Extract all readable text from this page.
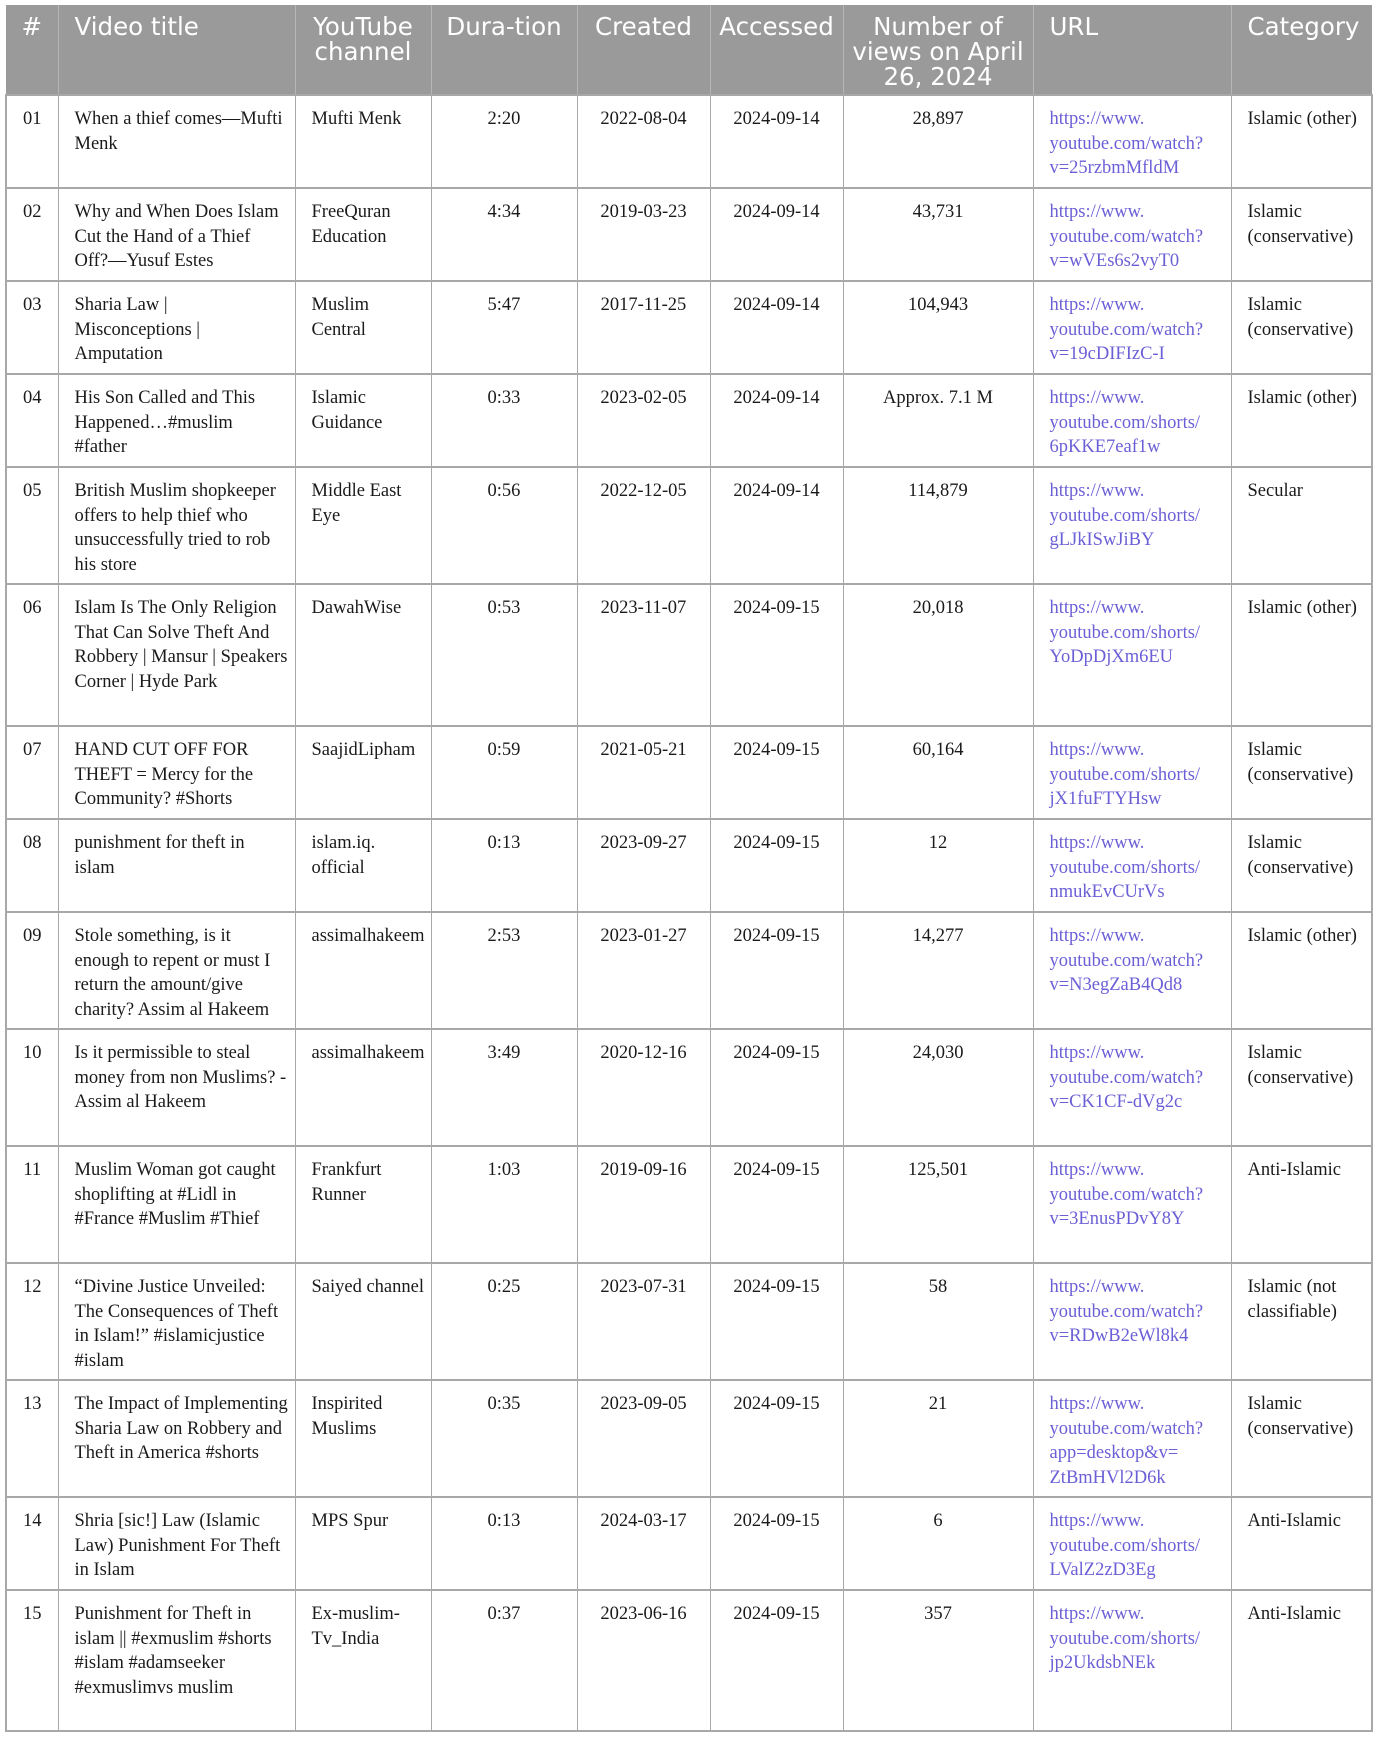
#	Video title	YouTube channel	Dura-tion	Created	Accessed	Number of views on April 26, 2024	URL	Category
01	When a thief comes—Mufti Menk	Mufti Menk	2:20	2022-08-04	2024-09-14	28,897	https://www.
youtube.com/watch?
v=25rzbmMfldM	Islamic (other)
02	Why and When Does Islam Cut the Hand of a Thief Off?—Yusuf Estes	FreeQuran Education	4:34	2019-03-23	2024-09-14	43,731	https://www.
youtube.com/watch?
v=wVEs6s2vyT0	Islamic (conservative)
03	Sharia Law | Misconceptions | Amputation	Muslim Central	5:47	2017-11-25	2024-09-14	104,943	https://www.
youtube.com/watch?
v=19cDIFIzC-I	Islamic (conservative)
04	His Son Called and This Happened…#muslim #father	Islamic Guidance	0:33	2023-02-05	2024-09-14	Approx. 7.1 M	https://www.
youtube.com/shorts/
6pKKE7eaf1w	Islamic (other)
05	British Muslim shopkeeper offers to help thief who unsuccessfully tried to rob his store	Middle East Eye	0:56	2022-12-05	2024-09-14	114,879	https://www.
youtube.com/shorts/
gLJkISwJiBY	Secular
06	Islam Is The Only Religion That Can Solve Theft And Robbery | Mansur | Speakers Corner | Hyde Park	DawahWise	0:53	2023-11-07	2024-09-15	20,018	https://www.
youtube.com/shorts/
YoDpDjXm6EU	Islamic (other)
07	HAND CUT OFF FOR THEFT = Mercy for the Community? #Shorts	SaajidLipham	0:59	2021-05-21	2024-09-15	60,164	https://www.
youtube.com/shorts/
jX1fuFTYHsw	Islamic (conservative)
08	punishment for theft in islam	islam.iq. official	0:13	2023-09-27	2024-09-15	12	https://www.
youtube.com/shorts/
nmukEvCUrVs	Islamic (conservative)
09	Stole something, is it enough to repent or must I return the amount/give charity? Assim al Hakeem	assimalhakeem	2:53	2023-01-27	2024-09-15	14,277	https://www.
youtube.com/watch?
v=N3egZaB4Qd8	Islamic (other)
10	Is it permissible to steal money from non Muslims? - Assim al Hakeem	assimalhakeem	3:49	2020-12-16	2024-09-15	24,030	https://www.
youtube.com/watch?
v=CK1CF-dVg2c	Islamic (conservative)
11	Muslim Woman got caught shoplifting at #Lidl in #France #Muslim #Thief	Frankfurt Runner	1:03	2019-09-16	2024-09-15	125,501	https://www.
youtube.com/watch?
v=3EnusPDvY8Y	Anti-Islamic
12	“Divine Justice Unveiled: The Consequences of Theft in Islam!” #islamicjustice #islam	Saiyed channel	0:25	2023-07-31	2024-09-15	58	https://www.
youtube.com/watch?
v=RDwB2eWl8k4	Islamic (not classifiable)
13	The Impact of Implementing Sharia Law on Robbery and Theft in America #shorts	Inspirited Muslims	0:35	2023-09-05	2024-09-15	21	https://www.
youtube.com/watch?
app=desktop&v=
ZtBmHVl2D6k	Islamic (conservative)
14	Shria [sic!] Law (Islamic Law) Punishment For Theft in Islam	MPS Spur	0:13	2024-03-17	2024-09-15	6	https://www.
youtube.com/shorts/
LValZ2zD3Eg	Anti-Islamic
15	Punishment for Theft in islam || #exmuslim #shorts #islam #adamseeker #exmuslimvs muslim	Ex-muslim-Tv_India	0:37	2023-06-16	2024-09-15	357	https://www.
youtube.com/shorts/
jp2UkdsbNEk	Anti-Islamic
